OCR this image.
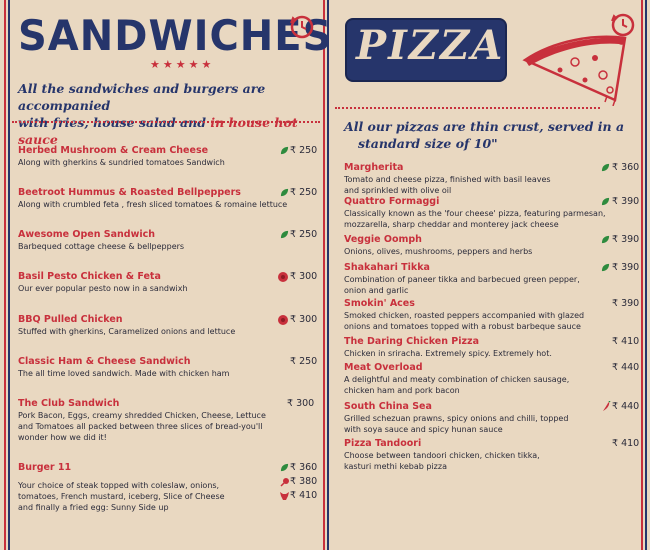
SANDWICHES
★★★★★
All the sandwiches and burgers are accompanied
with fries, house salad and in house hot sauce
Herbed Mushroom & Cream Cheese
Along with gherkins & sundried tomatoes Sandwich
₹ 250
Beetroot Hummus & Roasted Bellpeppers
Along with crumbled feta , fresh sliced tomatoes & romaine lettuce
₹ 250
Awesome Open Sandwich
Barbequed cottage cheese & bellpeppers
₹ 250
Basil Pesto Chicken & Feta
Our ever popular pesto now in a sandwixh
₹ 300
BBQ Pulled Chicken
Stuffed with gherkins, Caramelized onions and lettuce
₹ 300
Classic Ham & Cheese Sandwich
The all time loved sandwich. Made with chicken ham
₹ 250
The Club Sandwich
Pork Bacon, Eggs, creamy shredded Chicken, Cheese, Lettuce
and Tomatoes all packed between three slices of bread-you'll
wonder how we did it!
₹ 300
Burger 11
Your choice of steak topped with coleslaw, onions,
tomatoes, French mustard, iceberg, Slice of Cheese
and finally a fried egg: Sunny Side up
₹ 360
₹ 380
₹ 410
PIZZA
All our pizzas are thin crust, served in a
standard size of 10"
Margherita
Tomato and cheese pizza, finished with basil leaves
and sprinkled with olive oil
₹ 360
Quattro Formaggi
Classically known as the 'four cheese' pizza, featuring parmesan,
mozzarella, sharp cheddar and monterey jack cheese
₹ 390
Veggie Oomph
Onions, olives, mushrooms, peppers and herbs
₹ 390
Shakahari Tikka
Combination of paneer tikka and barbecued green pepper,
onion and garlic
₹ 390
Smokin' Aces
Smoked chicken, roasted peppers accompanied with glazed
onions and tomatoes topped with a robust barbeque sauce
₹ 390
The Daring Chicken Pizza
Chicken in sriracha. Extremely spicy. Extremely hot.
₹ 410
Meat Overload
A delightful and meaty combination of chicken sausage,
chicken ham and pork bacon
₹ 440
South China Sea
Grilled schezuan prawns, spicy onions and chilli, topped
with soya sauce and spicy hunan sauce
₹ 440
Pizza Tandoori
Choose between tandoori chicken, chicken tikka,
kasturi methi kebab pizza
₹ 410
